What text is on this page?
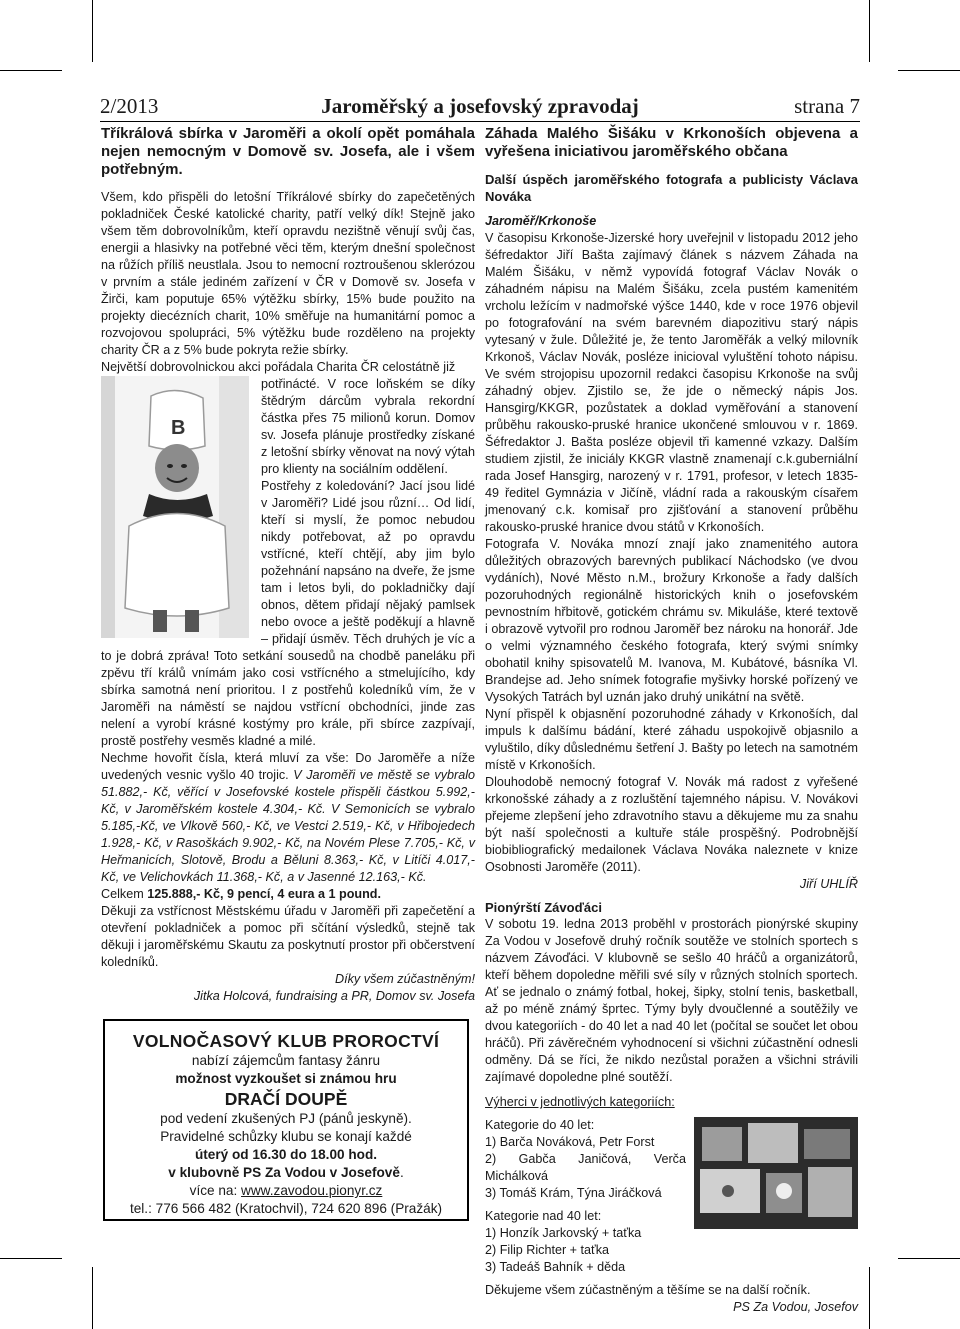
2/2013	Jaroměřský a josefovský zpravodaj	strana 7
Tříkrálová sbírka v Jaroměři a okolí opět pomáhala nejen nemocným v Domově sv. Josefa, ale i všem potřebným.

Všem, kdo přispěli do letošní Tříkrálové sbírky do zapečetěných pokladniček České katolické charity, patří velký dík! Stejně jako všem těm dobrovolníkům, kteří opravdu nezištně věnují svůj čas, energii a hlasivky na potřebné věci těm, kterým dnešní společnost na růžích příliš neustlala. Jsou to nemocní roztroušenou sklerózou v prvním a stále jediném zařízení v ČR v Domově sv. Josefa v Žirči, kam poputuje 65% výtěžku sbírky, 15% bude použito na projekty diecézních charit, 10% směřuje na humanitární pomoc a rozvojovou spolupráci, 5% výtěžku bude rozděleno na projekty charity ČR a z 5% bude pokryta režie sbírky.

Největší dobrovolnickou akci pořádala Charita ČR celostátně již

B

potřinácté. V roce loňském se díky štědrým dárcům vybrala rekordní částka přes 75 milionů korun. Domov sv. Josefa plánuje prostředky získané z letošní sbírky věnovat na nový výtah pro klienty na sociálním oddělení.

Postřehy z koledování? Jací jsou lidé v Jaroměři? Lidé jsou různí… Od lidí, kteří si myslí, že pomoc nebudou nikdy potřebovat, až po opravdu vstřícné, kteří chtějí, aby jim bylo požehnání napsáno na dveře, že jsme tam i letos byli, do pokladničky dají obnos, dětem přidají nějaký pamlsek nebo ovoce a ještě poděkují a hlavně – přidají úsměv. Těch druhých je víc a to je dobrá zpráva! Toto setkání sousedů na chodbě paneláku při zpěvu tří králů vnímám jako cosi vstřícného a stmelujícího, kdy sbírka samotná není prioritou. I z postřehů koledníků vím, že v Jaroměři na náměstí se najdou vstřícní obchodníci, jinde zas nelení a vyrobí krásné kostýmy pro krále, při sbírce zazpívají, prostě postřehy vesměs kladné a milé.

Nechme hovořit čísla, která mluví za vše: Do Jaroměře a níže uvedených vesnic vyšlo 40 trojic. V Jaroměři ve městě se vybralo 51.882,- Kč, věřící v Josefovské kostele přispěli částkou 5.992,- Kč, v Jaroměřském kostele 4.304,- Kč. V Semonicích se vybralo 5.185,-Kč, ve Vlkově 560,- Kč, ve Vestci 2.519,- Kč, v Hřibojedech 1.928,- Kč, v Rasoškách 9.902,- Kč, na Novém Plese 7.705,- Kč, v Heřmanicích, Slotově, Brodu a Běluni 8.363,- Kč, v Litíči 4.017,- Kč, ve Velichovkách 11.368,- Kč, a v Jasenné 12.163,- Kč.

Celkem 125.888,- Kč, 9 pencí, 4 eura a 1 pound.

Děkuji za vstřícnost Městskému úřadu v Jaroměři při zapečetění a otevření pokladniček a pomoc při sčítání výsledků, stejně tak děkuji i jaroměřskému Skautu za poskytnutí prostor při občerstvení koledníků.

Díky všem zúčastněným!

Jitka Holcová, fundraising a PR, Domov sv. Josefa

VOLNOČASOVÝ KLUB PROROCTVÍ

nabízí zájemcům fantasy žánru

možnost vyzkoušet si známou hru

DRAČÍ DOUPĚ

pod vedení zkušených PJ (pánů jeskyně).

Pravidelné schůzky klubu se konají každé

úterý od 16.30 do 18.00 hod.

v klubovně PS Za Vodou v Josefově.

více na: www.zavodou.pionyr.cz

tel.: 776 566 482 (Kratochvil), 724 620 896 (Pražák)

Záhada Malého Šišáku v Krkonoších objevena a vyřešena iniciativou jaroměřského občana
Další úspěch jaroměřského fotografa a publicisty Václava Nováka

Jaroměř/Krkonoše

V časopisu Krkonoše-Jizerské hory uveřejnil v listopadu 2012 jeho šéfredaktor Jiří Bašta zajímavý článek s názvem Záhada na Malém Šišáku, v němž vypovídá fotograf Václav Novák o záhadném nápisu na Malém Šišáku, zcela pustém kamenitém vrcholu ležícím v nadmořské výšce 1440, kde v roce 1976 objevil po fotografování na svém barevném diapozitivu starý nápis vytesaný v žule. Důležité je, že tento Jaroměřák a velký milovník Krkonoš, Václav Novák, posléze inicioval vyluštění tohoto nápisu. Ve svém strojopisu upozornil redakci časopisu Krkonoše na svůj záhadný objev. Zjistilo se, že jde o německý nápis Jos. Hansgirg/KKGR, pozůstatek a doklad vyměřování a stanovení průběhu rakousko-pruské hranice ukončené smlouvou v r. 1869. Šéfredaktor J. Bašta posléze objevil tři kamenné vzkazy. Dalším studiem zjistil, že iniciály KKGR vlastně znamenají c.k.guberniální rada Josef Hansgirg, narozený v r. 1791, profesor, v letech 1835-49 ředitel Gymnázia v Jičíně, vládní rada a rakouským císařem jmenovaný c.k. komisař pro zjišťování a stanovení průběhu rakousko-pruské hranice dvou států v Krkonoších.

Fotografa V. Nováka mnozí znají jako znamenitého autora důležitých obrazových barevných publikací Náchodsko (ve dvou vydáních), Nové Město n.M., brožury Krkonoše a řady dalších pozoruhodných regionálně historických knih o josefovském pevnostním hřbitově, gotickém chrámu sv. Mikuláše, které textově i obrazově vytvořil pro rodnou Jaroměř bez nároku na honorář. Jde o velmi významného českého fotografa, který svými snímky obohatil knihy spisovatelů M. Ivanova, M. Kubátové, básníka Vl. Brandejse ad. Jeho snímek fotografie myšivky horské pořízený ve Vysokých Tatrách byl uznán jako druhý unikátní na světě.

Nyní přispěl k objasnění pozoruhodné záhady v Krkonoších, dal impuls k dalšímu bádání, které záhadu uspokojivě objasnilo a vyluštilo, díky důslednému šetření J. Bašty po letech na samotném místě v Krkonoších.

Dlouhodobě nemocný fotograf V. Novák má radost z vyřešené krkonošské záhady a z rozluštění tajemného nápisu. V. Novákovi přejeme zlepšení jeho zdravotního stavu a děkujeme mu za snahu být naší společnosti a kultuře stále prospěšný. Podrobnější biobibliografický medailonek Václava Nováka naleznete v knize Osobnosti Jaroměře (2011).

Jiří UHLÍŘ

Pionýrští Závoďáci

V sobotu 19. ledna 2013 proběhl v prostorách pionýrské skupiny Za Vodou v Josefově druhý ročník soutěže ve stolních sportech s názvem Závoďáci. V klubovně se sešlo 40 hráčů a organizátorů, kteří během dopoledne měřili své síly v různých stolních sportech. Ať se jednalo o známý fotbal, hokej, šipky, stolní tenis, basketball, až po méně známý šprtec. Týmy byly dvoučlenné a soutěžily ve dvou kategoriích - do 40 let a nad 40 let (počítal se součet let obou hráčů). Při závěrečném vyhodnocení si všichni zúčastnění odnesli odměny. Dá se říci, že nikdo nezůstal poražen a všichni strávili zajímavé dopoledne plné soutěží.

Výherci v jednotlivých kategoriích:

Kategorie do 40 let:

1) Barča Nováková, Petr Forst

2) Gabča Janičová, Verča Michálková

3) Tomáš Krám, Týna Jiráčková

Kategorie nad 40 let:

1) Honzík Jarkovský + taťka

2) Filip Richter + taťka

3) Tadeáš Bahník + děda

Děkujeme všem zúčastněným a těšíme se na další ročník.

PS Za Vodou, Josefov
